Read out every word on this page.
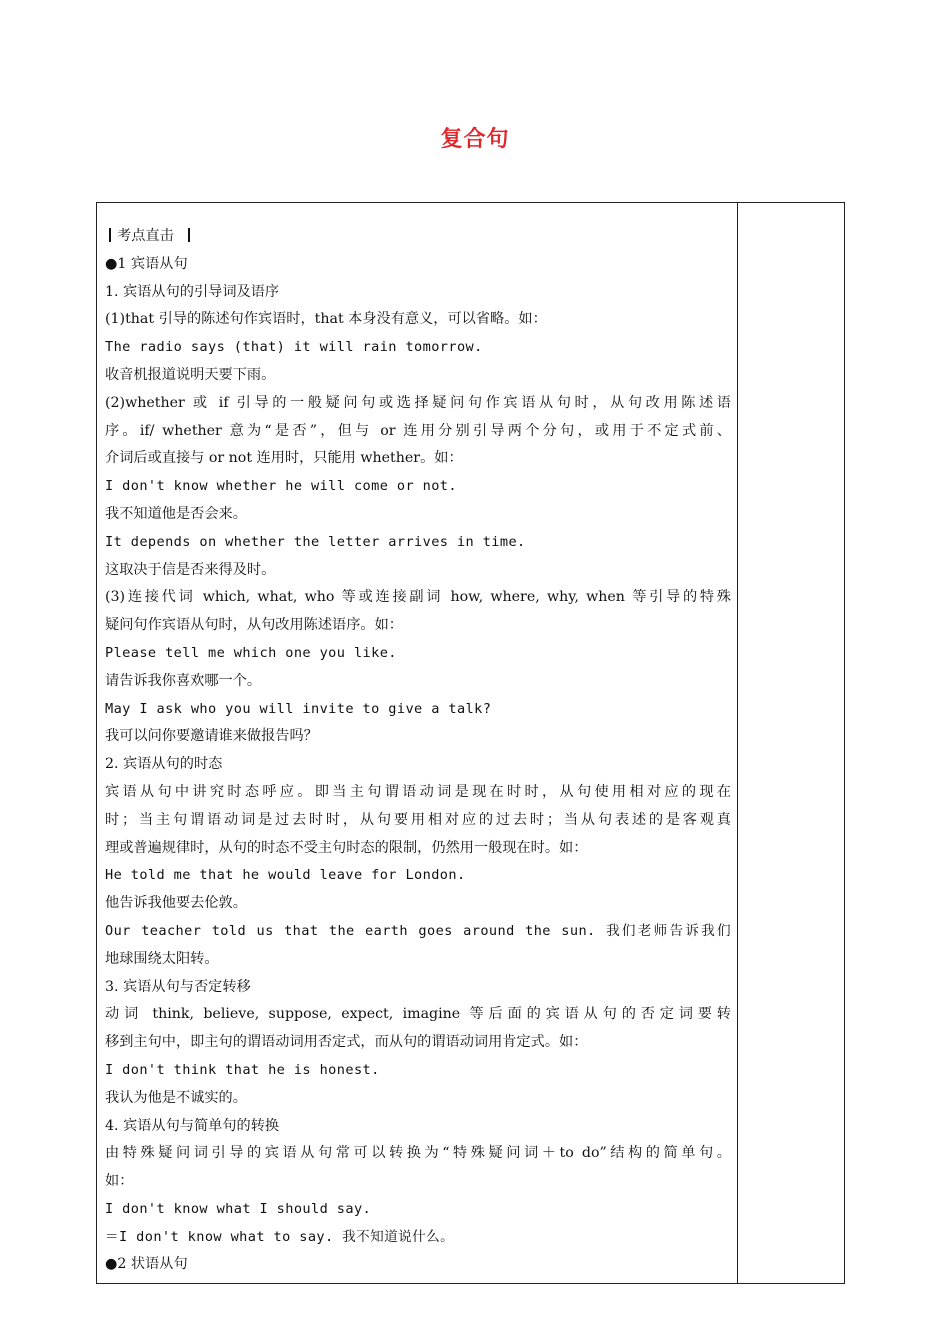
复合句
考点直击
●1 宾语从句
1. 宾语从句的引导词及语序
(1)that 引导的陈述句作宾语时，that 本身没有意义，可以省略。如：
The radio says (that) it will rain tomorrow.
收音机报道说明天要下雨。
(2)whether 或 if 引导的一般疑问句或选择疑问句作宾语从句时，从句改用陈述语
序。if/ whether 意为“是否”，但与 or 连用分别引导两个分句，或用于不定式前、
介词后或直接与 or not 连用时，只能用 whether。如：
I don't know whether he will come or not.
我不知道他是否会来。
It depends on whether the letter arrives in time.
这取决于信是否来得及时。
(3)连接代词 which, what, who 等或连接副词 how, where, why, when 等引导的特殊
疑问句作宾语从句时，从句改用陈述语序。如：
Please tell me which one you like.
请告诉我你喜欢哪一个。
May I ask who you will invite to give a talk?
我可以问你要邀请谁来做报告吗？
2. 宾语从句的时态
宾语从句中讲究时态呼应。即当主句谓语动词是现在时时，从句使用相对应的现在
时；当主句谓语动词是过去时时，从句要用相对应的过去时；当从句表述的是客观真
理或普遍规律时，从句的时态不受主句时态的限制，仍然用一般现在时。如：
He told me that he would leave for London.
他告诉我他要去伦敦。
Our teacher told us that the earth goes around the sun. 我们老师告诉我们
地球围绕太阳转。
3. 宾语从句与否定转移
动词 think, believe, suppose, expect, imagine 等后面的宾语从句的否定词要转
移到主句中，即主句的谓语动词用否定式，而从句的谓语动词用肯定式。如：
I don't think that he is honest.
我认为他是不诚实的。
4. 宾语从句与简单句的转换
由特殊疑问词引导的宾语从句常可以转换为“特殊疑问词＋to do”结构的简单句。
如：
I don't know what I should say.
＝I don't know what to say. 我不知道说什么。
●2 状语从句
